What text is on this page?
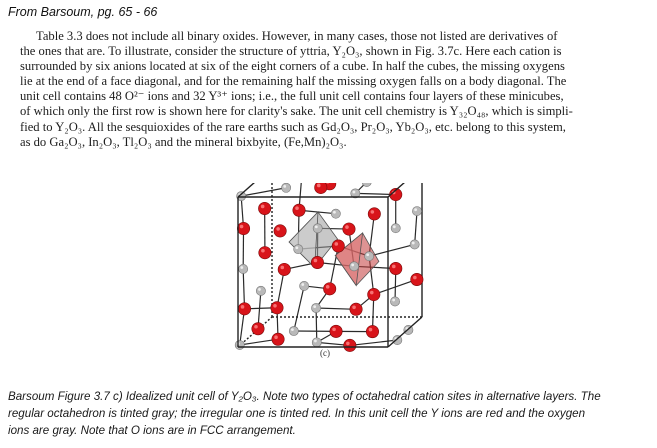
From Barsoum, pg. 65 - 66
Table 3.3 does not include all binary oxides. However, in many cases, those not listed are derivatives of
the ones that are. To illustrate, consider the structure of yttria, Y₂O₃, shown in Fig. 3.7c. Here each cation is
surrounded by six anions located at six of the eight corners of a cube. In half the cubes, the missing oxygens
lie at the end of a face diagonal, and for the remaining half the missing oxygen falls on a body diagonal. The
unit cell contains 48 O²⁻ ions and 32 Y³⁺ ions; i.e., the full unit cell contains four layers of these minicubes,
of which only the first row is shown here for clarity's sake. The unit cell chemistry is Y₃₂O₄₈, which is simpli-
fied to Y₂O₃. All the sesquioxides of the rare earths such as Gd₂O₃, Pr₂O₃, Yb₂O₃, etc. belong to this system,
as do Ga₂O₃, In₂O₃, Tl₂O₃ and the mineral bixbyite, (Fe,Mn)₂O₃.
(c)
Barsoum Figure 3.7 c) Idealized unit cell of Y₂O₃. Note two types of octahedral cation sites in alternative layers. The
regular octahedron is tinted gray; the irregular one is tinted red. In this unit cell the Y ions are red and the oxygen
ions are gray. Note that O ions are in FCC arrangement.
